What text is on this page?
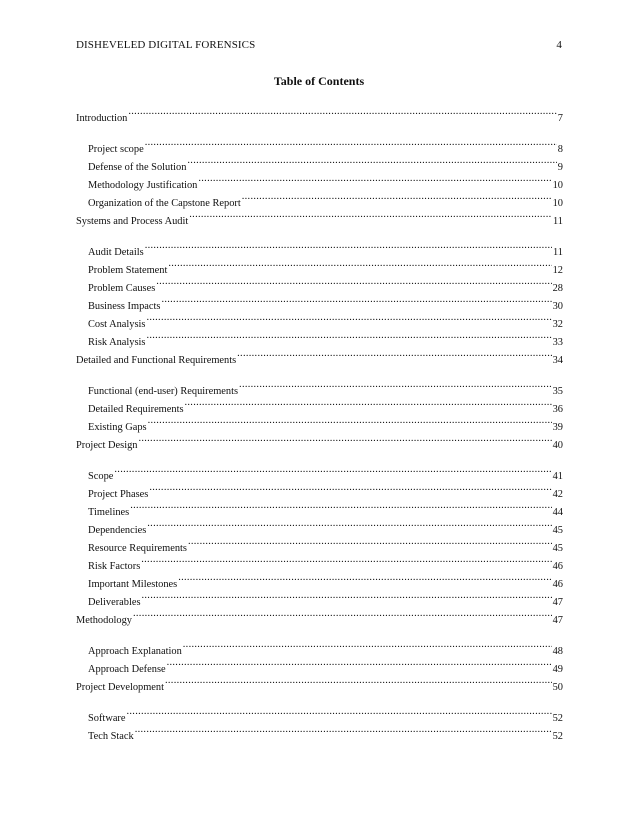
DISHEVELED DIGITAL FORENSICS	4
Table of Contents
Introduction .....	7
Project scope .....	8
Defense of the Solution .....	9
Methodology Justification .....	10
Organization of the Capstone Report .....	10
Systems and Process Audit .....	11
Audit Details .....	11
Problem Statement .....	12
Problem Causes .....	28
Business Impacts .....	30
Cost Analysis .....	32
Risk Analysis .....	33
Detailed and Functional Requirements .....	34
Functional (end-user) Requirements .....	35
Detailed Requirements .....	36
Existing Gaps .....	39
Project Design .....	40
Scope .....	41
Project Phases .....	42
Timelines .....	44
Dependencies .....	45
Resource Requirements .....	45
Risk Factors .....	46
Important Milestones .....	46
Deliverables .....	47
Methodology .....	47
Approach Explanation .....	48
Approach Defense .....	49
Project Development .....	50
Software .....	52
Tech Stack .....	52
